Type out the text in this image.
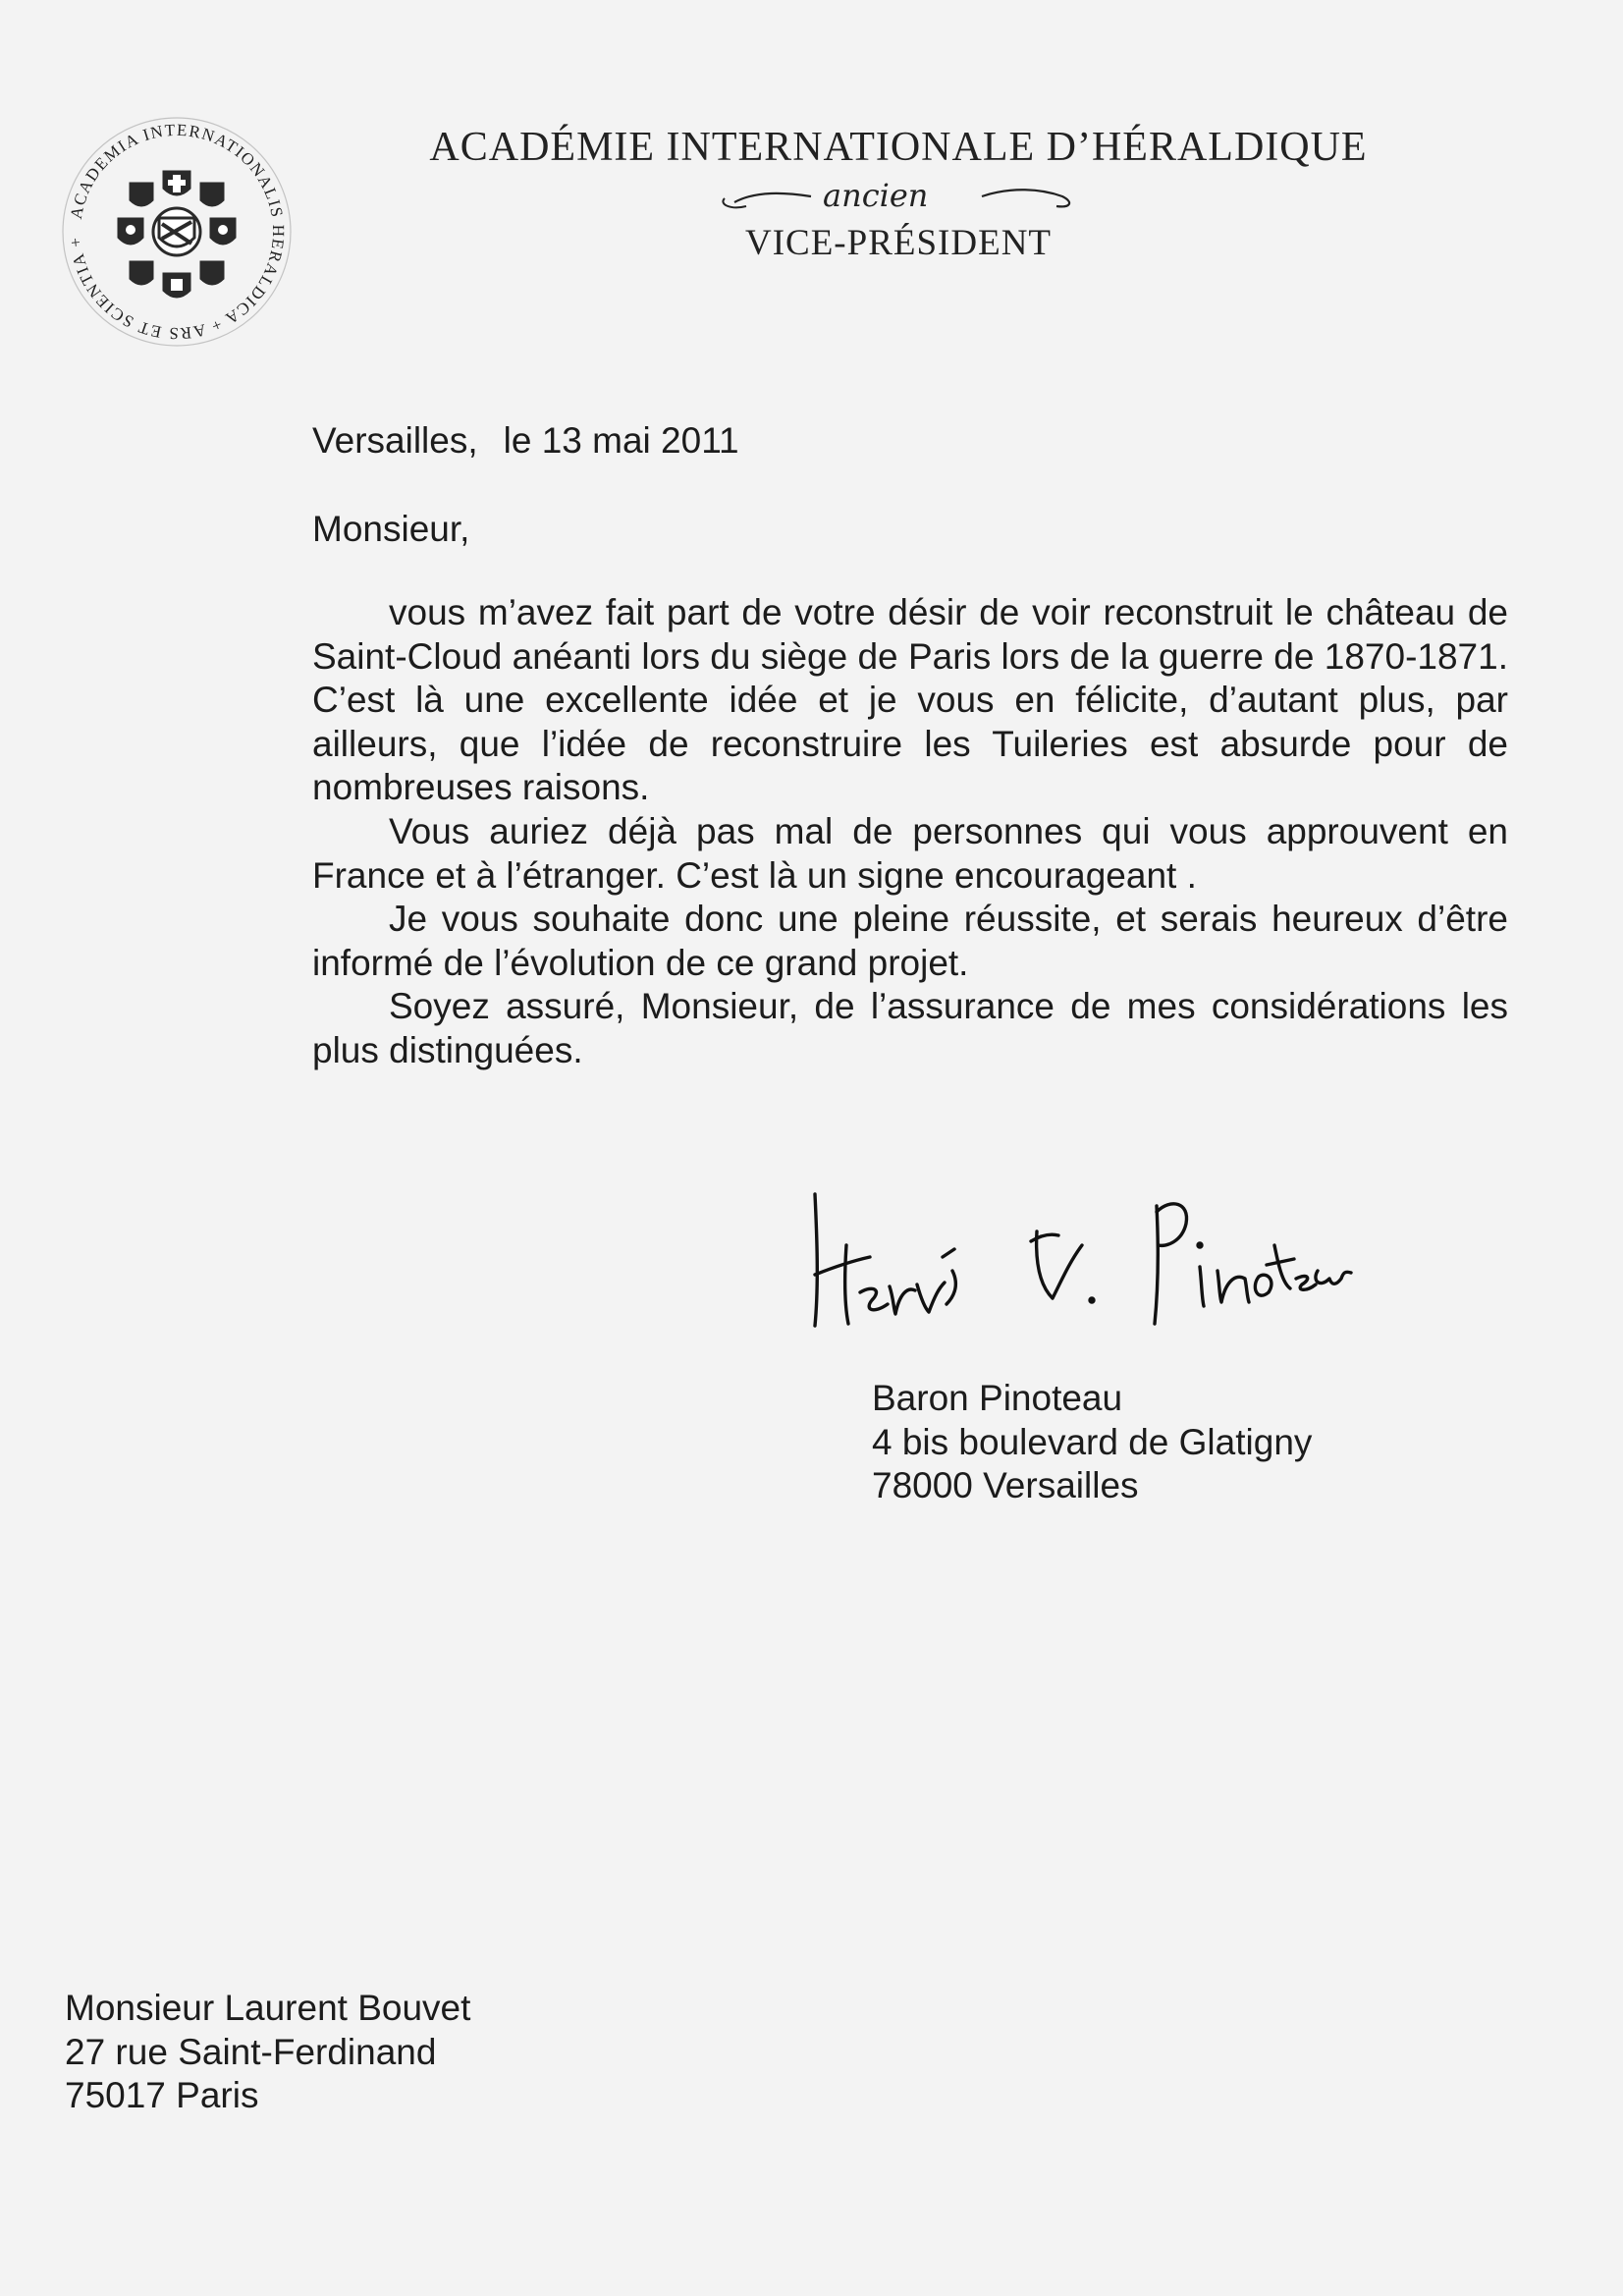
ACADEMIA INTERNATIONALIS HERALDICA + ARS ET SCIENTIA +
ACADÉMIE INTERNATIONALE D’HÉRALDIQUE
ancien
VICE-PRÉSIDENT
Versailles, le 13 mai 2011
Monsieur,

vous m’avez fait part de votre désir de voir reconstruit le château de Saint-Cloud anéanti lors du siège de Paris lors de la guerre de 1870-1871. C’est là une excellente idée et je vous en félicite, d’autant plus, par ailleurs, que l’idée de reconstruire les Tuileries est absurde pour de nombreuses raisons.

Vous auriez déjà pas mal de personnes qui vous approuvent en France et à l’étranger. C’est là un signe encourageant .

Je vous souhaite donc une pleine réussite, et serais heureux d’être informé de l’évolution de ce grand projet.

Soyez assuré, Monsieur, de l’assurance de mes considérations les plus distinguées.

Hervé V. Pinoteau
Baron Pinoteau
4 bis boulevard de Glatigny
78000 Versailles
Monsieur Laurent Bouvet
27 rue Saint-Ferdinand
75017 Paris
